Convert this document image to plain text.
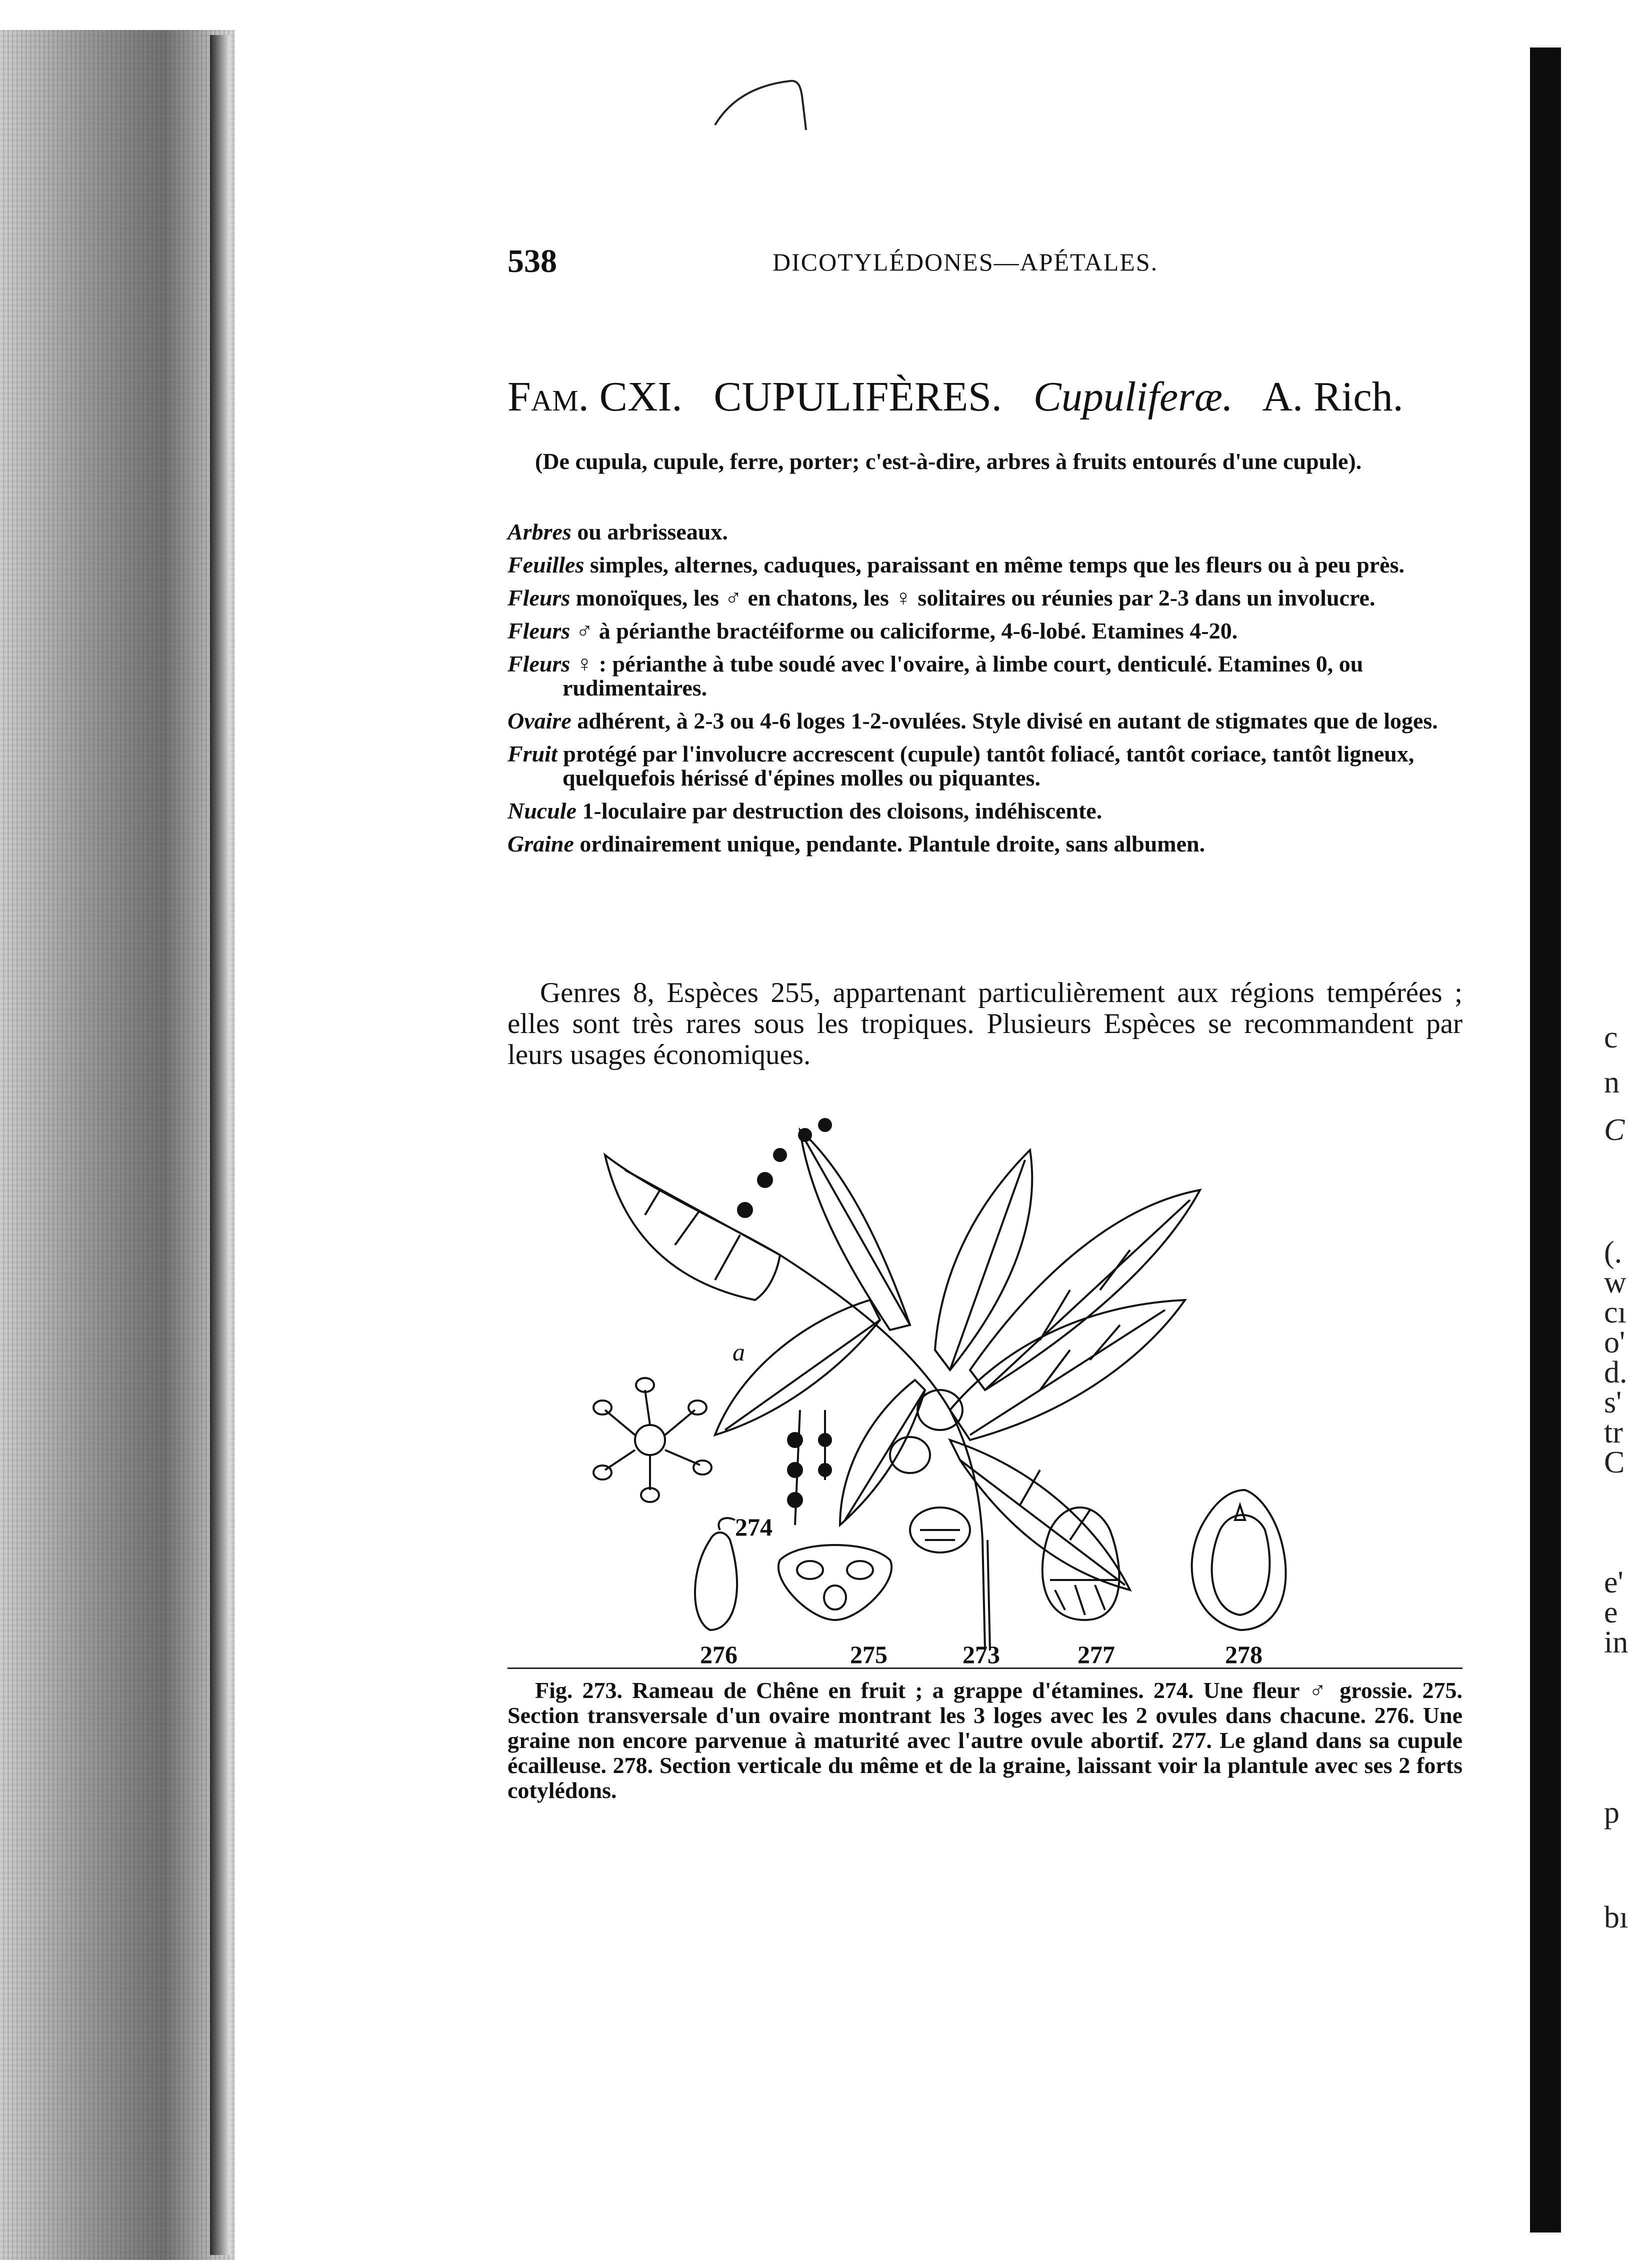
c
n
C
(.
w
cı
o'
d.
s'
tr
C
e'
e
in
p
bı
538	DICOTYLÉDONES—APÉTALES.
Fam. CXI. CUPULIFÈRES. Cupuliferæ. A. Rich.

(De cupula, cupule, ferre, porter; c'est-à-dire, arbres à fruits entourés d'une cupule).

Arbres ou arbrisseaux.

Feuilles simples, alternes, caduques, paraissant en même temps que les fleurs ou à peu près.

Fleurs monoïques, les ♂ en chatons, les ♀ solitaires ou réunies par 2-3 dans un involucre.

Fleurs ♂ à périanthe bractéiforme ou caliciforme, 4-6-lobé. Etamines 4-20.

Fleurs ♀ : périanthe à tube soudé avec l'ovaire, à limbe court, denticulé. Etamines 0, ou rudimentaires.

Ovaire adhérent, à 2-3 ou 4-6 loges 1-2-ovulées. Style divisé en autant de stigmates que de loges.

Fruit protégé par l'involucre accrescent (cupule) tantôt foliacé, tantôt coriace, tantôt ligneux, quelquefois hérissé d'épines molles ou piquantes.

Nucule 1-loculaire par destruction des cloisons, indéhiscente.

Graine ordinairement unique, pendante. Plantule droite, sans albumen.

Genres 8, Espèces 255, appartenant particulièrement aux régions tempérées ; elles sont très rares sous les tropiques. Plusieurs Espèces se recommandent par leurs usages économiques.

a
274
276	275	273	277	278

Fig. 273. Rameau de Chêne en fruit ; a grappe d'étamines. 274. Une fleur ♂ grossie. 275. Section transversale d'un ovaire montrant les 3 loges avec les 2 ovules dans chacune. 276. Une graine non encore parvenue à maturité avec l'autre ovule abortif. 277. Le gland dans sa cupule écailleuse. 278. Section verticale du même et de la graine, laissant voir la plantule avec ses 2 forts cotylédons.
